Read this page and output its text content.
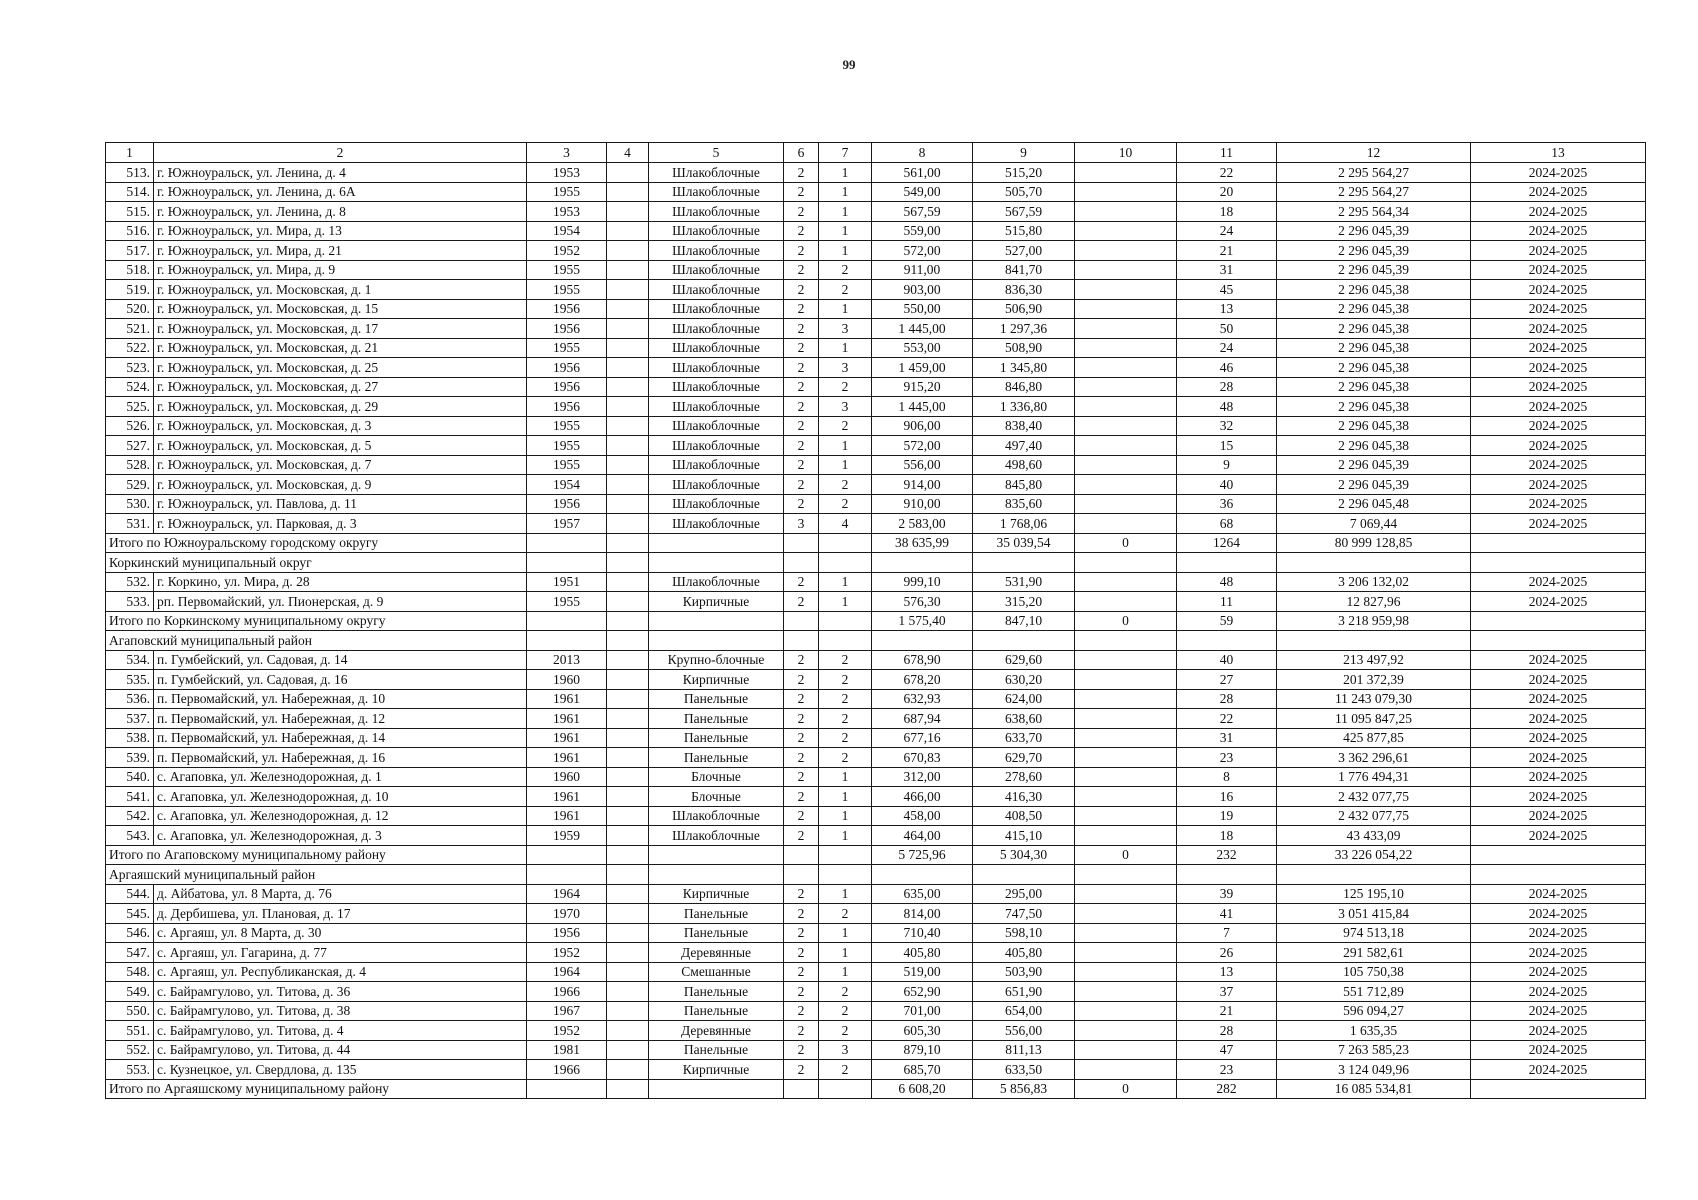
99
1	2	3	4	5	6	7	8	9	10	11	12	13
513.	г. Южноуральск, ул. Ленина, д. 4	1953		Шлакоблочные	2	1	561,00	515,20		22	2 295 564,27	2024-2025
514.	г. Южноуральск, ул. Ленина, д. 6А	1955		Шлакоблочные	2	1	549,00	505,70		20	2 295 564,27	2024-2025
515.	г. Южноуральск, ул. Ленина, д. 8	1953		Шлакоблочные	2	1	567,59	567,59		18	2 295 564,34	2024-2025
516.	г. Южноуральск, ул. Мира, д. 13	1954		Шлакоблочные	2	1	559,00	515,80		24	2 296 045,39	2024-2025
517.	г. Южноуральск, ул. Мира, д. 21	1952		Шлакоблочные	2	1	572,00	527,00		21	2 296 045,39	2024-2025
518.	г. Южноуральск, ул. Мира, д. 9	1955		Шлакоблочные	2	2	911,00	841,70		31	2 296 045,39	2024-2025
519.	г. Южноуральск, ул. Московская, д. 1	1955		Шлакоблочные	2	2	903,00	836,30		45	2 296 045,38	2024-2025
520.	г. Южноуральск, ул. Московская, д. 15	1956		Шлакоблочные	2	1	550,00	506,90		13	2 296 045,38	2024-2025
521.	г. Южноуральск, ул. Московская, д. 17	1956		Шлакоблочные	2	3	1 445,00	1 297,36		50	2 296 045,38	2024-2025
522.	г. Южноуральск, ул. Московская, д. 21	1955		Шлакоблочные	2	1	553,00	508,90		24	2 296 045,38	2024-2025
523.	г. Южноуральск, ул. Московская, д. 25	1956		Шлакоблочные	2	3	1 459,00	1 345,80		46	2 296 045,38	2024-2025
524.	г. Южноуральск, ул. Московская, д. 27	1956		Шлакоблочные	2	2	915,20	846,80		28	2 296 045,38	2024-2025
525.	г. Южноуральск, ул. Московская, д. 29	1956		Шлакоблочные	2	3	1 445,00	1 336,80		48	2 296 045,38	2024-2025
526.	г. Южноуральск, ул. Московская, д. 3	1955		Шлакоблочные	2	2	906,00	838,40		32	2 296 045,38	2024-2025
527.	г. Южноуральск, ул. Московская, д. 5	1955		Шлакоблочные	2	1	572,00	497,40		15	2 296 045,38	2024-2025
528.	г. Южноуральск, ул. Московская, д. 7	1955		Шлакоблочные	2	1	556,00	498,60		9	2 296 045,39	2024-2025
529.	г. Южноуральск, ул. Московская, д. 9	1954		Шлакоблочные	2	2	914,00	845,80		40	2 296 045,39	2024-2025
530.	г. Южноуральск, ул. Павлова, д. 11	1956		Шлакоблочные	2	2	910,00	835,60		36	2 296 045,48	2024-2025
531.	г. Южноуральск, ул. Парковая, д. 3	1957		Шлакоблочные	3	4	2 583,00	1 768,06		68	7 069,44	2024-2025
Итого по Южноуральскому городскому округу							38 635,99	35 039,54	0	1264	80 999 128,85	
Коркинский муниципальный округ												
532.	г. Коркино, ул. Мира, д. 28	1951		Шлакоблочные	2	1	999,10	531,90		48	3 206 132,02	2024-2025
533.	рп. Первомайский, ул. Пионерская, д. 9	1955		Кирпичные	2	1	576,30	315,20		11	12 827,96	2024-2025
Итого по Коркинскому муниципальному округу							1 575,40	847,10	0	59	3 218 959,98	
Агаповский муниципальный район												
534.	п. Гумбейский, ул. Садовая, д. 14	2013		Крупно-блочные	2	2	678,90	629,60		40	213 497,92	2024-2025
535.	п. Гумбейский, ул. Садовая, д. 16	1960		Кирпичные	2	2	678,20	630,20		27	201 372,39	2024-2025
536.	п. Первомайский, ул. Набережная, д. 10	1961		Панельные	2	2	632,93	624,00		28	11 243 079,30	2024-2025
537.	п. Первомайский, ул. Набережная, д. 12	1961		Панельные	2	2	687,94	638,60		22	11 095 847,25	2024-2025
538.	п. Первомайский, ул. Набережная, д. 14	1961		Панельные	2	2	677,16	633,70		31	425 877,85	2024-2025
539.	п. Первомайский, ул. Набережная, д. 16	1961		Панельные	2	2	670,83	629,70		23	3 362 296,61	2024-2025
540.	с. Агаповка, ул. Железнодорожная, д. 1	1960		Блочные	2	1	312,00	278,60		8	1 776 494,31	2024-2025
541.	с. Агаповка, ул. Железнодорожная, д. 10	1961		Блочные	2	1	466,00	416,30		16	2 432 077,75	2024-2025
542.	с. Агаповка, ул. Железнодорожная, д. 12	1961		Шлакоблочные	2	1	458,00	408,50		19	2 432 077,75	2024-2025
543.	с. Агаповка, ул. Железнодорожная, д. 3	1959		Шлакоблочные	2	1	464,00	415,10		18	43 433,09	2024-2025
Итого по Агаповскому муниципальному району							5 725,96	5 304,30	0	232	33 226 054,22	
Аргаяшский муниципальный район												
544.	д. Айбатова, ул. 8 Марта, д. 76	1964		Кирпичные	2	1	635,00	295,00		39	125 195,10	2024-2025
545.	д. Дербишева, ул. Плановая, д. 17	1970		Панельные	2	2	814,00	747,50		41	3 051 415,84	2024-2025
546.	с. Аргаяш, ул. 8 Марта, д. 30	1956		Панельные	2	1	710,40	598,10		7	974 513,18	2024-2025
547.	с. Аргаяш, ул. Гагарина, д. 77	1952		Деревянные	2	1	405,80	405,80		26	291 582,61	2024-2025
548.	с. Аргаяш, ул. Республиканская, д. 4	1964		Смешанные	2	1	519,00	503,90		13	105 750,38	2024-2025
549.	с. Байрамгулово, ул. Титова, д. 36	1966		Панельные	2	2	652,90	651,90		37	551 712,89	2024-2025
550.	с. Байрамгулово, ул. Титова, д. 38	1967		Панельные	2	2	701,00	654,00		21	596 094,27	2024-2025
551.	с. Байрамгулово, ул. Титова, д. 4	1952		Деревянные	2	2	605,30	556,00		28	1 635,35	2024-2025
552.	с. Байрамгулово, ул. Титова, д. 44	1981		Панельные	2	3	879,10	811,13		47	7 263 585,23	2024-2025
553.	с. Кузнецкое, ул. Свердлова, д. 135	1966		Кирпичные	2	2	685,70	633,50		23	3 124 049,96	2024-2025
Итого по Аргаяшскому муниципальному району							6 608,20	5 856,83	0	282	16 085 534,81	
